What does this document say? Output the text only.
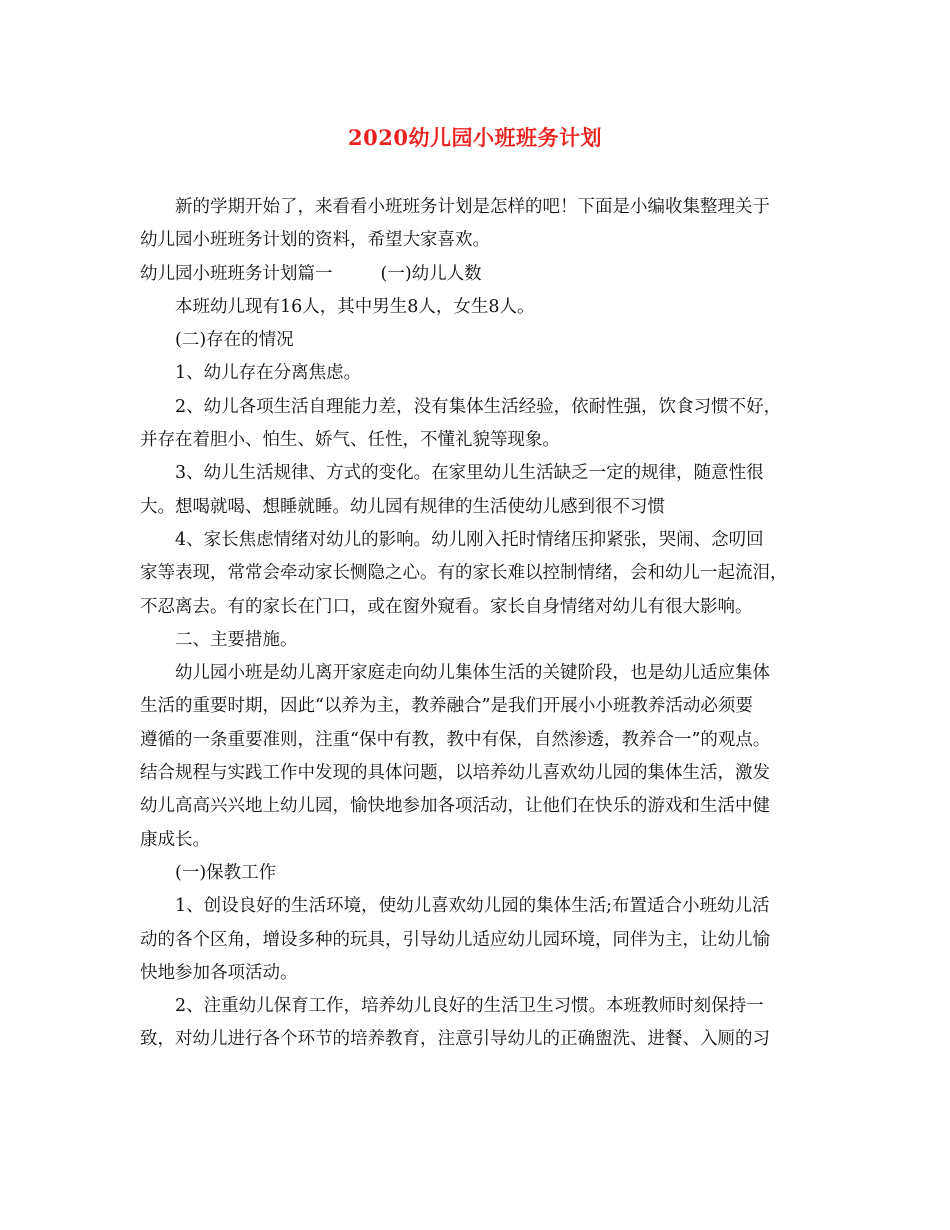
2020幼儿园小班班务计划
新的学期开始了，来看看小班班务计划是怎样的吧！下面是小编收集整理关于
幼儿园小班班务计划的资料，希望大家喜欢。
幼儿园小班班务计划篇一	(一)幼儿人数
本班幼儿现有16人，其中男生8人，女生8人。
(二)存在的情况
1、幼儿存在分离焦虑。
2、幼儿各项生活自理能力差，没有集体生活经验，依耐性强，饮食习惯不好，
并存在着胆小、怕生、娇气、任性，不懂礼貌等现象。
3、幼儿生活规律、方式的变化。在家里幼儿生活缺乏一定的规律，随意性很
大。想喝就喝、想睡就睡。幼儿园有规律的生活使幼儿感到很不习惯
4、家长焦虑情绪对幼儿的影响。幼儿刚入托时情绪压抑紧张，哭闹、念叨回
家等表现，常常会牵动家长恻隐之心。有的家长难以控制情绪，会和幼儿一起流泪，
不忍离去。有的家长在门口，或在窗外窥看。家长自身情绪对幼儿有很大影响。
二、主要措施。
幼儿园小班是幼儿离开家庭走向幼儿集体生活的关键阶段，也是幼儿适应集体
生活的重要时期，因此“以养为主，教养融合”是我们开展小小班教养活动必须要
遵循的一条重要准则，注重“保中有教，教中有保，自然渗透，教养合一”的观点。
结合规程与实践工作中发现的具体问题，以培养幼儿喜欢幼儿园的集体生活，激发
幼儿高高兴兴地上幼儿园，愉快地参加各项活动，让他们在快乐的游戏和生活中健
康成长。
(一)保教工作
1、创设良好的生活环境，使幼儿喜欢幼儿园的集体生活;布置适合小班幼儿活
动的各个区角，增设多种的玩具，引导幼儿适应幼儿园环境，同伴为主，让幼儿愉
快地参加各项活动。
2、注重幼儿保育工作，培养幼儿良好的生活卫生习惯。本班教师时刻保持一
致，对幼儿进行各个环节的培养教育，注意引导幼儿的正确盥洗、进餐、入厕的习
